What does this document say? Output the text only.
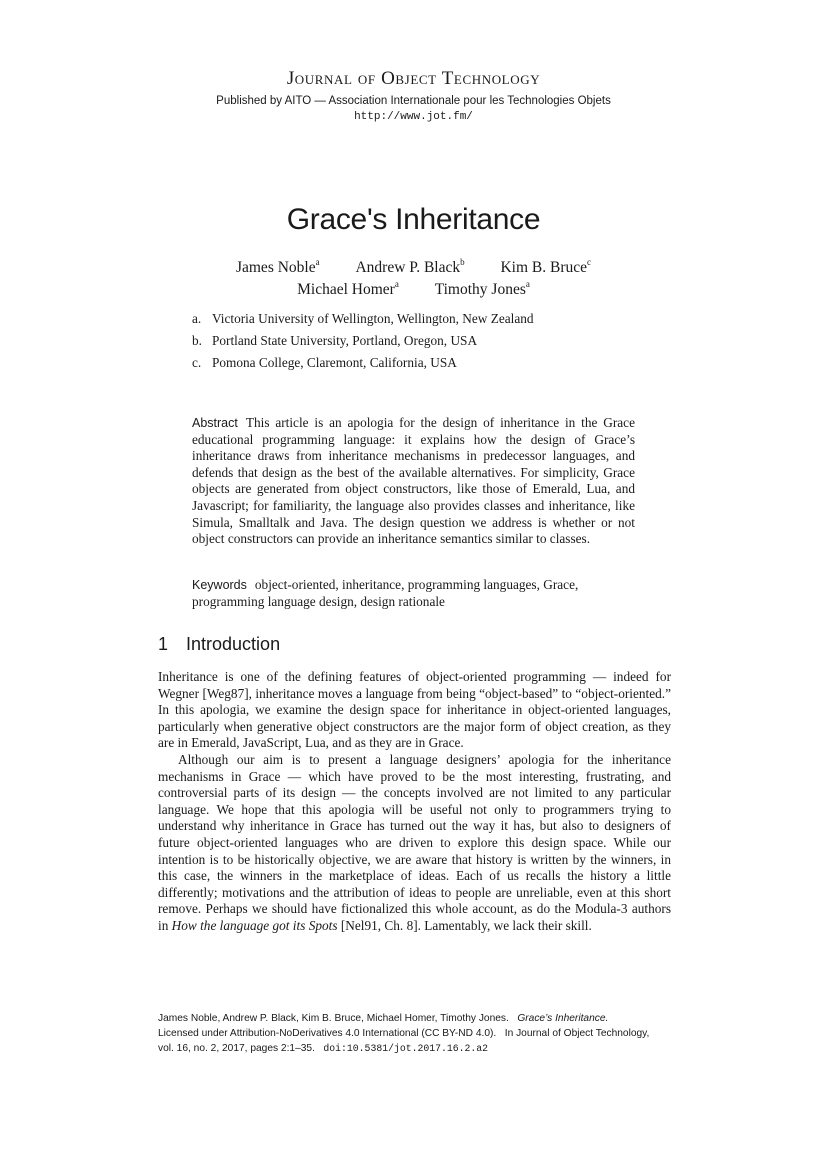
Journal of Object Technology
Published by AITO — Association Internationale pour les Technologies Objets
http://www.jot.fm/
Grace's Inheritance
James Noble$^a$ Andrew P. Black$^b$ Kim B. Bruce$^c$
Michael Homer$^a$ Timothy Jones$^a$
a. Victoria University of Wellington, Wellington, New Zealand
b. Portland State University, Portland, Oregon, USA
c. Pomona College, Claremont, California, USA
Abstract This article is an apologia for the design of inheritance in the Grace educational programming language: it explains how the design of Grace’s inheritance draws from inheritance mechanisms in predecessor languages, and defends that design as the best of the available alternatives. For simplicity, Grace objects are generated from object constructors, like those of Emerald, Lua, and Javascript; for familiarity, the language also provides classes and inheritance, like Simula, Smalltalk and Java. The design question we address is whether or not object constructors can provide an inheritance semantics similar to classes.
Keywords object-oriented, inheritance, programming languages, Grace, programming language design, design rationale
1 Introduction

Inheritance is one of the defining features of object-oriented programming — indeed for Wegner [Weg87], inheritance moves a language from being “object-based” to “object-oriented.” In this apologia, we examine the design space for inheritance in object-oriented languages, particularly when generative object constructors are the major form of object creation, as they are in Emerald, JavaScript, Lua, and as they are in Grace.

Although our aim is to present a language designers’ apologia for the inheritance mechanisms in Grace — which have proved to be the most interesting, frustrating, and controversial parts of its design — the concepts involved are not limited to any particular language. We hope that this apologia will be useful not only to programmers trying to understand why inheritance in Grace has turned out the way it has, but also to designers of future object-oriented languages who are driven to explore this design space. While our intention is to be historically objective, we are aware that history is written by the winners, in this case, the winners in the marketplace of ideas. Each of us recalls the history a little differently; motivations and the attribution of ideas to people are unreliable, even at this short remove. Perhaps we should have fictionalized this whole account, as do the Modula-3 authors in How the language got its Spots [Nel91, Ch. 8]. Lamentably, we lack their skill.

James Noble, Andrew P. Black, Kim B. Bruce, Michael Homer, Timothy Jones. Grace’s Inheritance.
Licensed under Attribution-NoDerivatives 4.0 International (CC BY-ND 4.0). In Journal of Object Technology, vol. 16, no. 2, 2017, pages 2:1–35. doi:10.5381/jot.2017.16.2.a2
